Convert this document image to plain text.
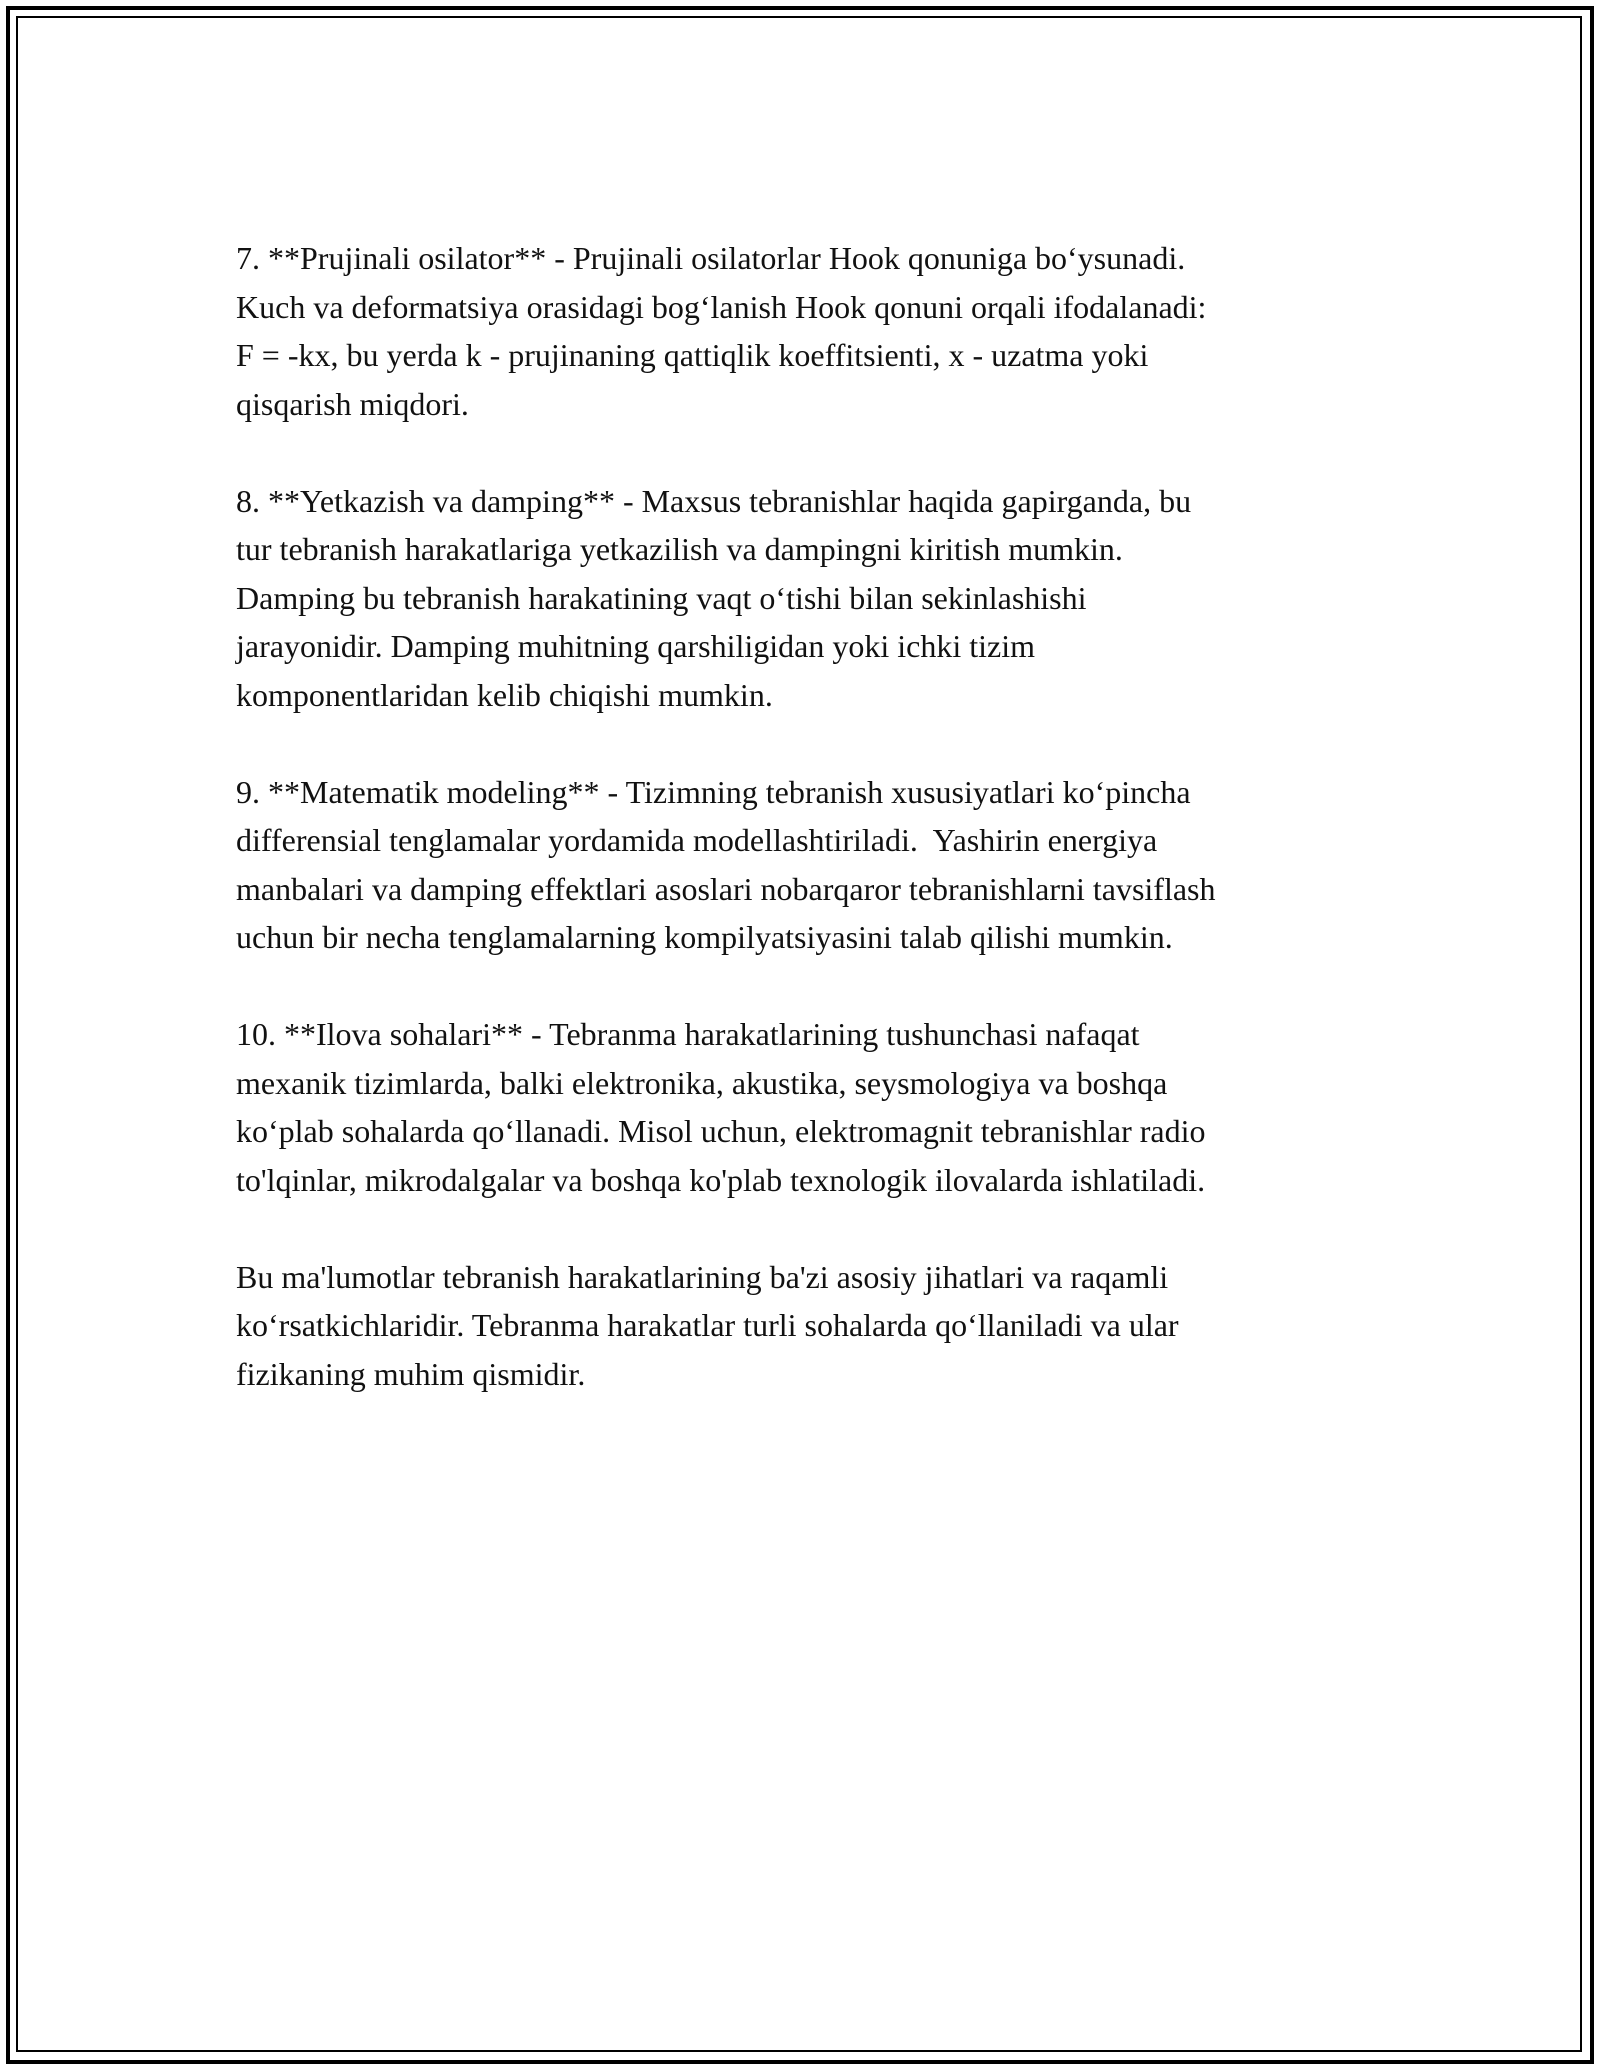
7. **Prujinali osilator** - Prujinali osilatorlar Hook qonuniga bo‘ysunadi.
Kuch va deformatsiya orasidagi bog‘lanish Hook qonuni orqali ifodalanadi:
F = -kx, bu yerda k - prujinaning qattiqlik koeffitsienti, x - uzatma yoki
qisqarish miqdori.

8. **Yetkazish va damping** - Maxsus tebranishlar haqida gapirganda, bu
tur tebranish harakatlariga yetkazilish va dampingni kiritish mumkin.
Damping bu tebranish harakatining vaqt o‘tishi bilan sekinlashishi
jarayonidir. Damping muhitning qarshiligidan yoki ichki tizim
komponentlaridan kelib chiqishi mumkin.

9. **Matematik modeling** - Tizimning tebranish xususiyatlari ko‘pincha
differensial tenglamalar yordamida modellashtiriladi.  Yashirin energiya
manbalari va damping effektlari asoslari nobarqaror tebranishlarni tavsiflash
uchun bir necha tenglamalarning kompilyatsiyasini talab qilishi mumkin.

10. **Ilova sohalari** - Tebranma harakatlarining tushunchasi nafaqat
mexanik tizimlarda, balki elektronika, akustika, seysmologiya va boshqa
ko‘plab sohalarda qo‘llanadi. Misol uchun, elektromagnit tebranishlar radio
to'lqinlar, mikrodalgalar va boshqa ko'plab texnologik ilovalarda ishlatiladi.

Bu ma'lumotlar tebranish harakatlarining ba'zi asosiy jihatlari va raqamli
ko‘rsatkichlaridir. Tebranma harakatlar turli sohalarda qo‘llaniladi va ular
fizikaning muhim qismidir.
